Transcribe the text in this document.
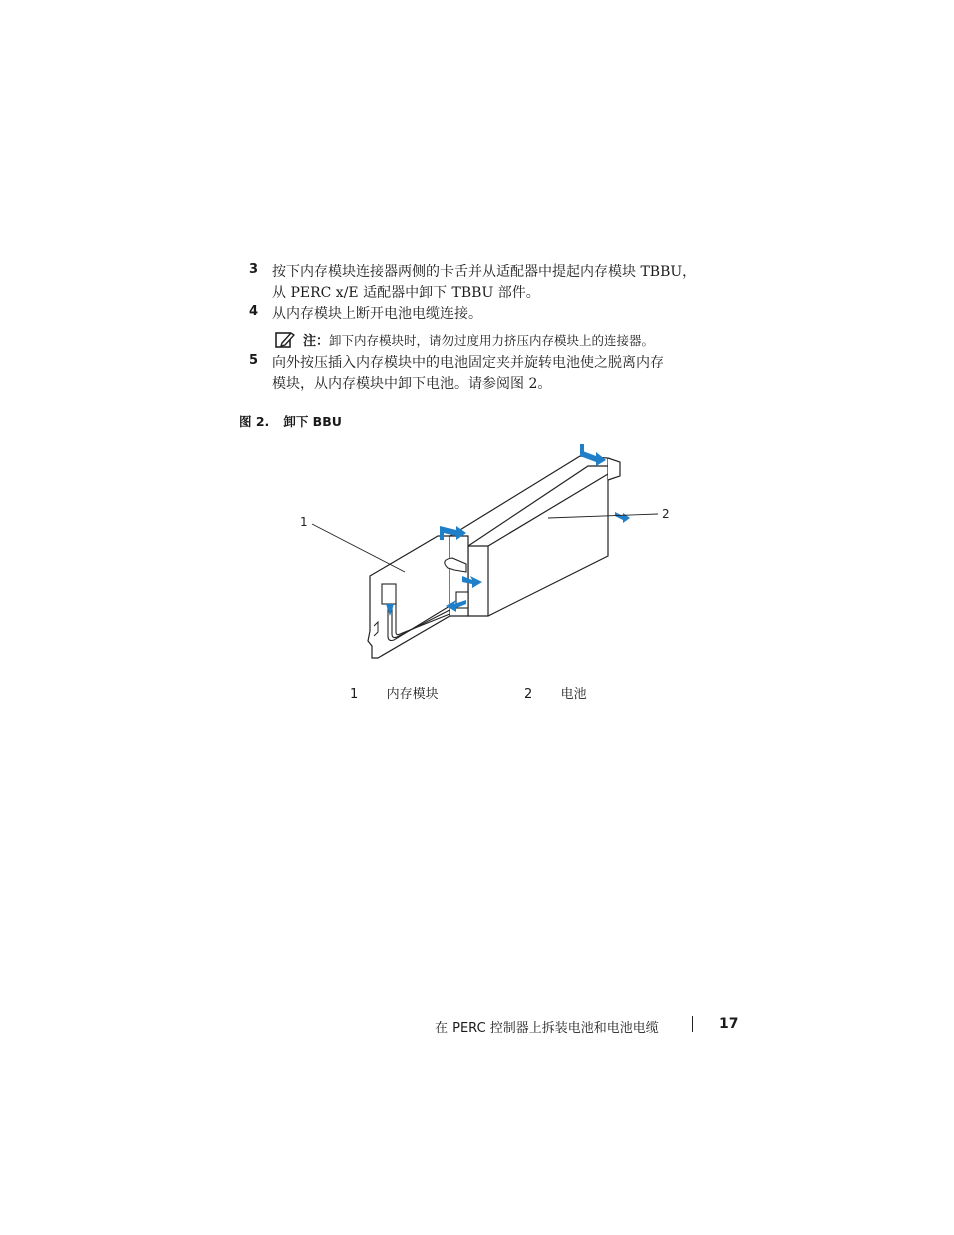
3 按下内存模块连接器两侧的卡舌并从适配器中提起内存模块 TBBU，
从 PERC x/E 适配器中卸下 TBBU 部件。
4 从内存模块上断开电池电缆连接。
注： 卸下内存模块时，请勿过度用力挤压内存模块上的连接器。
5 向外按压插入内存模块中的电池固定夹并旋转电池使之脱离内存
模块，从内存模块中卸下电池。请参阅图 2。
图 2. 卸下 BBU
1
2
1 内存模块	2 电池
在 PERC 控制器上拆装电池和电池电缆	17
